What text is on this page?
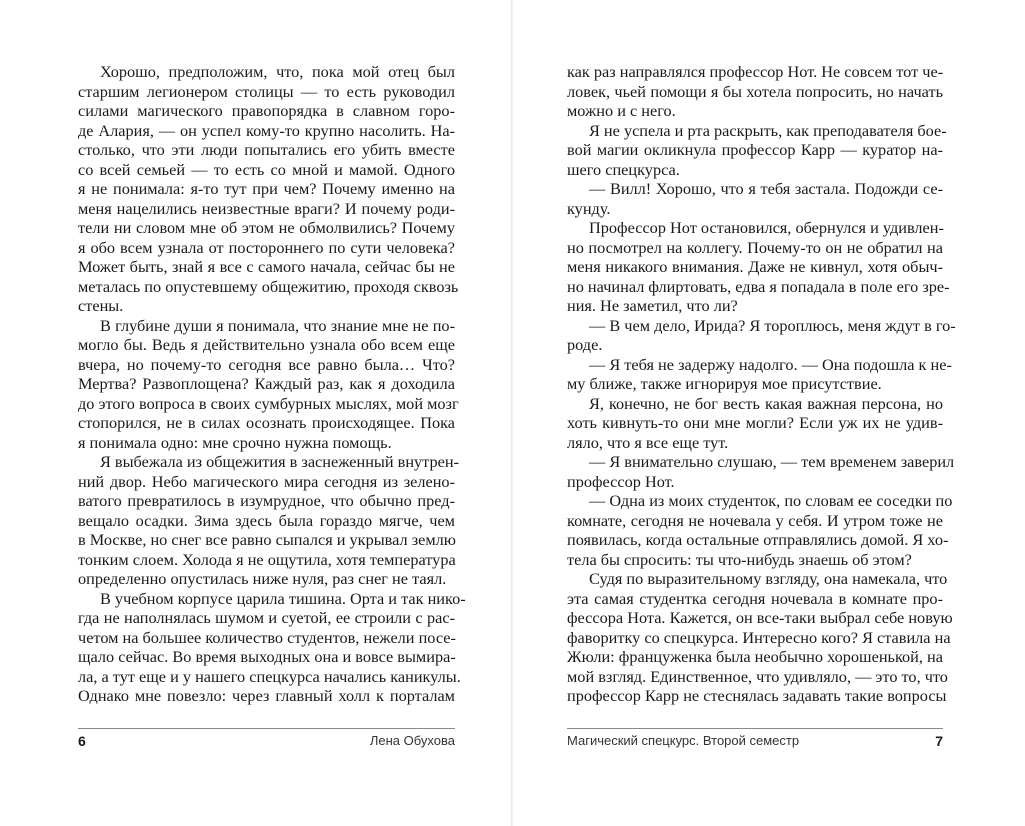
Хорошо, предположим, что, пока мой отец был
старшим легионером столицы — то есть руководил
силами магического правопорядка в славном горо-
де Алария, — он успел кому-то крупно насолить. На-
столько, что эти люди попытались его убить вместе
со всей семьей — то есть со мной и мамой. Одного
я не понимала: я-то тут при чем? Почему именно на
меня нацелились неизвестные враги? И почему роди-
тели ни словом мне об этом не обмолвились? Почему
я обо всем узнала от постороннего по сути человека?
Может быть, знай я все с самого начала, сейчас бы не
металась по опустевшему общежитию, проходя сквозь
стены.
В глубине души я понимала, что знание мне не по-
могло бы. Ведь я действительно узнала обо всем еще
вчера, но почему-то сегодня все равно была… Что?
Мертва? Развоплощена? Каждый раз, как я доходила
до этого вопроса в своих сумбурных мыслях, мой мозг
стопорился, не в силах осознать происходящее. Пока
я понимала одно: мне срочно нужна помощь.
Я выбежала из общежития в заснеженный внутрен-
ний двор. Небо магического мира сегодня из зелено-
ватого превратилось в изумрудное, что обычно пред-
вещало осадки. Зима здесь была гораздо мягче, чем
в Москве, но снег все равно сыпался и укрывал землю
тонким слоем. Холода я не ощутила, хотя температура
определенно опустилась ниже нуля, раз снег не таял.
В учебном корпусе царила тишина. Орта и так нико-
гда не наполнялась шумом и суетой, ее строили с рас-
четом на большее количество студентов, нежели посе-
щало сейчас. Во время выходных она и вовсе вымира-
ла, а тут еще и у нашего спецкурса начались каникулы.
Однако мне повезло: через главный холл к порталам
6	Лена Обухова
как раз направлялся профессор Нот. Не совсем тот че-
ловек, чьей помощи я бы хотела попросить, но начать
можно и с него.
Я не успела и рта раскрыть, как преподавателя бое-
вой магии окликнула профессор Карр — куратор на-
шего спецкурса.
— Вилл! Хорошо, что я тебя застала. Подожди се-
кунду.
Профессор Нот остановился, обернулся и удивлен-
но посмотрел на коллегу. Почему-то он не обратил на
меня никакого внимания. Даже не кивнул, хотя обыч-
но начинал флиртовать, едва я попадала в поле его зре-
ния. Не заметил, что ли?
— В чем дело, Ирида? Я тороплюсь, меня ждут в го-
роде.
— Я тебя не задержу надолго. — Она подошла к не-
му ближе, также игнорируя мое присутствие.
Я, конечно, не бог весть какая важная персона, но
хоть кивнуть-то они мне могли? Если уж их не удив-
ляло, что я все еще тут.
— Я внимательно слушаю, — тем временем заверил
профессор Нот.
— Одна из моих студенток, по словам ее соседки по
комнате, сегодня не ночевала у себя. И утром тоже не
появилась, когда остальные отправлялись домой. Я хо-
тела бы спросить: ты что-нибудь знаешь об этом?
Судя по выразительному взгляду, она намекала, что
эта самая студентка сегодня ночевала в комнате про-
фессора Нота. Кажется, он все-таки выбрал себе новую
фаворитку со спецкурса. Интересно кого? Я ставила на
Жюли: француженка была необычно хорошенькой, на
мой взгляд. Единственное, что удивляло, — это то, что
профессор Карр не стеснялась задавать такие вопросы
Магический спецкурс. Второй семестр	7
